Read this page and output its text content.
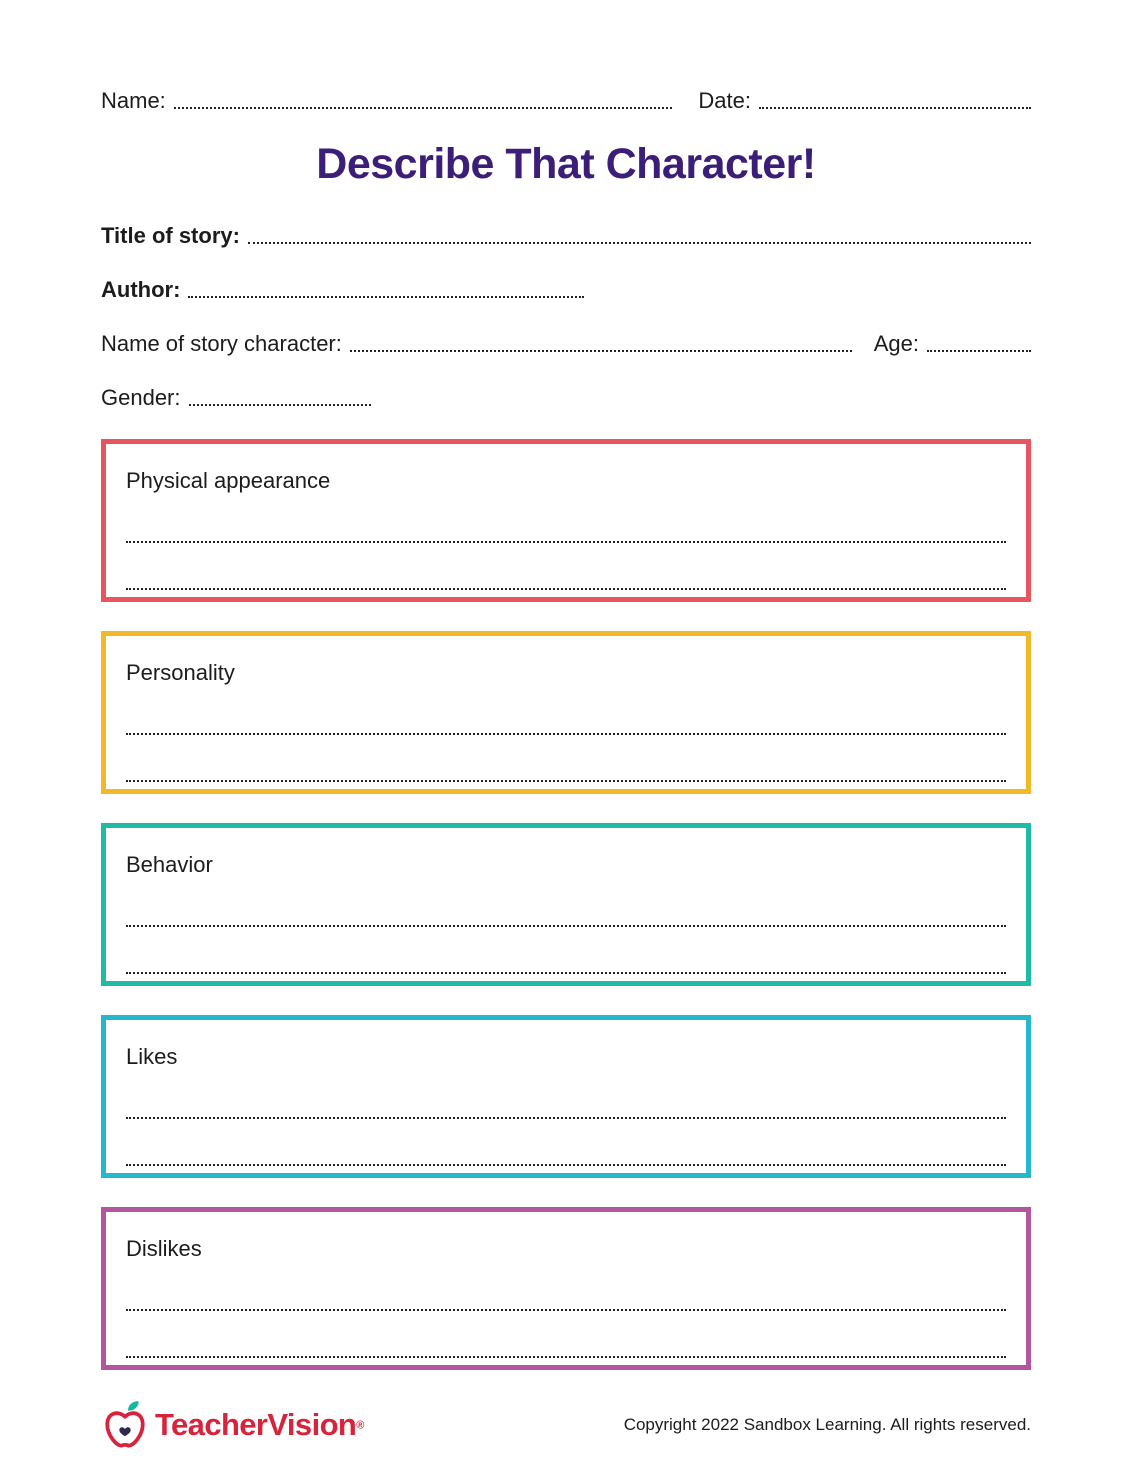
Name:	Date:
Describe That Character!
Title of story:
Author:
Name of story character:	Age:
Gender:
Physical appearance
Personality
Behavior
Likes
Dislikes
TeacherVision®	Copyright 2022 Sandbox Learning. All rights reserved.
